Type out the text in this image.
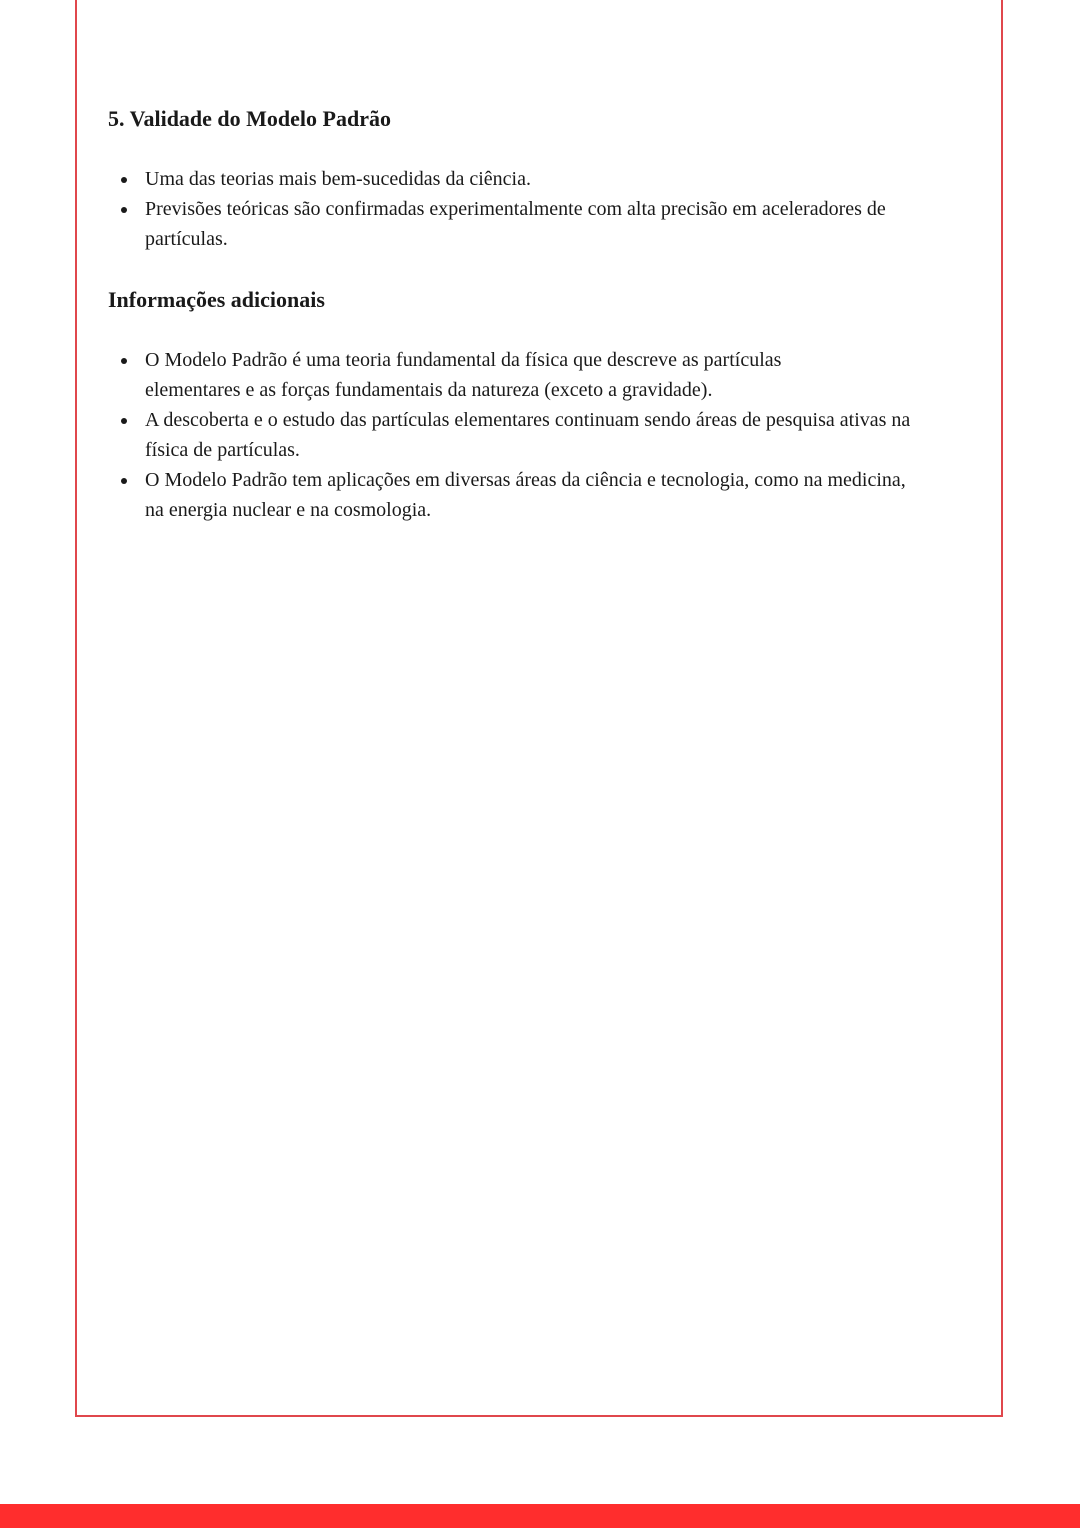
5. Validade do Modelo Padrão
Uma das teorias mais bem-sucedidas da ciência.
Previsões teóricas são confirmadas experimentalmente com alta precisão em aceleradores de partículas.
Informações adicionais
O Modelo Padrão é uma teoria fundamental da física que descreve as partículas elementares e as forças fundamentais da natureza (exceto a gravidade).
A descoberta e o estudo das partículas elementares continuam sendo áreas de pesquisa ativas na física de partículas.
O Modelo Padrão tem aplicações em diversas áreas da ciência e tecnologia, como na medicina, na energia nuclear e na cosmologia.
